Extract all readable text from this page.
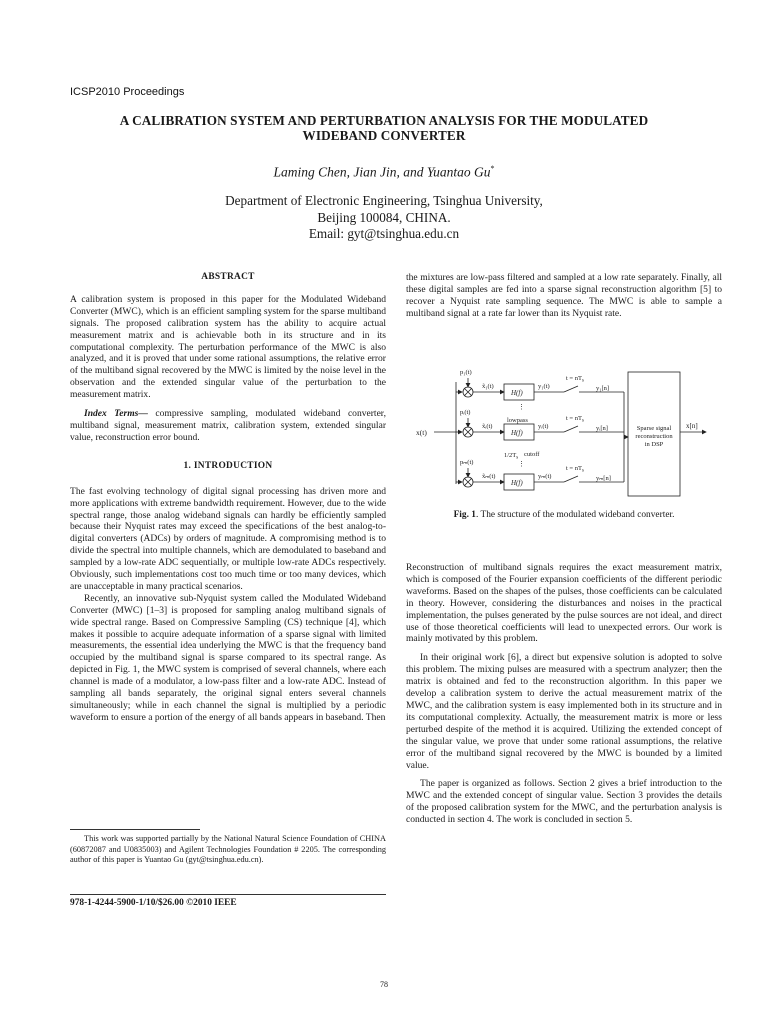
ICSP2010 Proceedings
A CALIBRATION SYSTEM AND PERTURBATION ANALYSIS FOR THE MODULATED
WIDEBAND CONVERTER
Laming Chen, Jian Jin, and Yuantao Gu*
Department of Electronic Engineering, Tsinghua University,
Beijing 100084, CHINA.
Email: gyt@tsinghua.edu.cn

ABSTRACT

A calibration system is proposed in this paper for the Modulated Wideband Converter (MWC), which is an efficient sampling system for the sparse multiband signals. The proposed calibration system has the ability to acquire actual measurement matrix and is achievable both in its structure and in its computational complexity. The perturbation performance of the MWC is also analyzed, and it is proved that under some rational assumptions, the relative error of the multiband signal recovered by the MWC is limited by the noise level in the observation and the extended singular value of the perturbation to the measurement matrix.

Index Terms— compressive sampling, modulated wideband converter, multiband signal, measurement matrix, calibration system, extended singular value, reconstruction error bound.

1. INTRODUCTION

The fast evolving technology of digital signal processing has driven more and more applications with extreme bandwidth requirement. However, due to the wide spectral range, those analog wideband signals can hardly be efficiently sampled because their Nyquist rates may exceed the specifications of the best analog-to-digital converters (ADCs) by orders of magnitude. A compromising method is to divide the spectral into multiple channels, which are demodulated to baseband and sampled by a low-rate ADC sequentially, or multiple low-rate ADCs respectively. Obviously, such implementations cost too much time or too many devices, which are unacceptable in many practical scenarios.

Recently, an innovative sub-Nyquist system called the Modulated Wideband Converter (MWC) [1–3] is proposed for sampling analog multiband signals of wide spectral range. Based on Compressive Sampling (CS) technique [4], which makes it possible to acquire adequate information of a sparse signal with limited measurements, the essential idea underlying the MWC is that the frequency band occupied by the multiband signal is sparse compared to its spectral range. As depicted in Fig. 1, the MWC system is comprised of several channels, where each channel is made of a modulator, a low-pass filter and a low-rate ADC. Instead of sampling all bands separately, the original signal enters several channels simultaneously; while in each channel the signal is multiplied by a periodic waveform to ensure a portion of the energy of all bands appears in baseband. Then

the mixtures are low-pass filtered and sampled at a low rate separately. Finally, all these digital samples are fed into a sparse signal reconstruction algorithm [5] to recover a Nyquist rate sampling sequence. The MWC is able to sample a multiband signal at a rate far lower than its Nyquist rate.

x(t)
p₁(t)
pᵢ(t)
pₘ(t)
x̃₁(t)
x̃ᵢ(t)
x̃ₘ(t)
H(f)
H(f)
H(f)
lowpass
$1/2T_s$ cutoff
⋮
⋮
y₁(t)
yᵢ(t)
yₘ(t)
$t = nT_s$
$t = nT_s$
$t = nT_s$
y₁[n]
yᵢ[n]
yₘ[n]
Sparse signal
reconstruction
in DSP
x[n]
Fig. 1. The structure of the modulated wideband converter.

Reconstruction of multiband signals requires the exact measurement matrix, which is composed of the Fourier expansion coefficients of the different periodic waveforms. Based on the shapes of the pulses, those coefficients can be calculated in theory. However, considering the disturbances and noises in the practical implementation, the pulses generated by the pulse sources are not ideal, and direct use of those theoretical coefficients will lead to unexpected errors. Our work is mainly motivated by this problem.

In their original work [6], a direct but expensive solution is adopted to solve this problem. The mixing pulses are measured with a spectrum analyzer; then the matrix is obtained and fed to the reconstruction algorithm. In this paper we develop a calibration system to derive the actual measurement matrix of the MWC, and the calibration system is easy implemented both in its structure and in its computational complexity. Actually, the measurement matrix is more or less perturbed despite of the method it is acquired. Utilizing the extended concept of the singular value, we prove that under some rational assumptions, the relative error of the multiband signal recovered by the MWC is bounded by a limited value.

The paper is organized as follows. Section 2 gives a brief introduction to the MWC and the extended concept of singular value. Section 3 provides the details of the proposed calibration system for the MWC, and the perturbation analysis is conducted in section 4. The work is concluded in section 5.

This work was supported partially by the National Natural Science Foundation of CHINA (60872087 and U0835003) and Agilent Technologies Foundation # 2205. The corresponding author of this paper is Yuantao Gu (gyt@tsinghua.edu.cn).
978-1-4244-5900-1/10/$26.00 ©2010 IEEE
78
